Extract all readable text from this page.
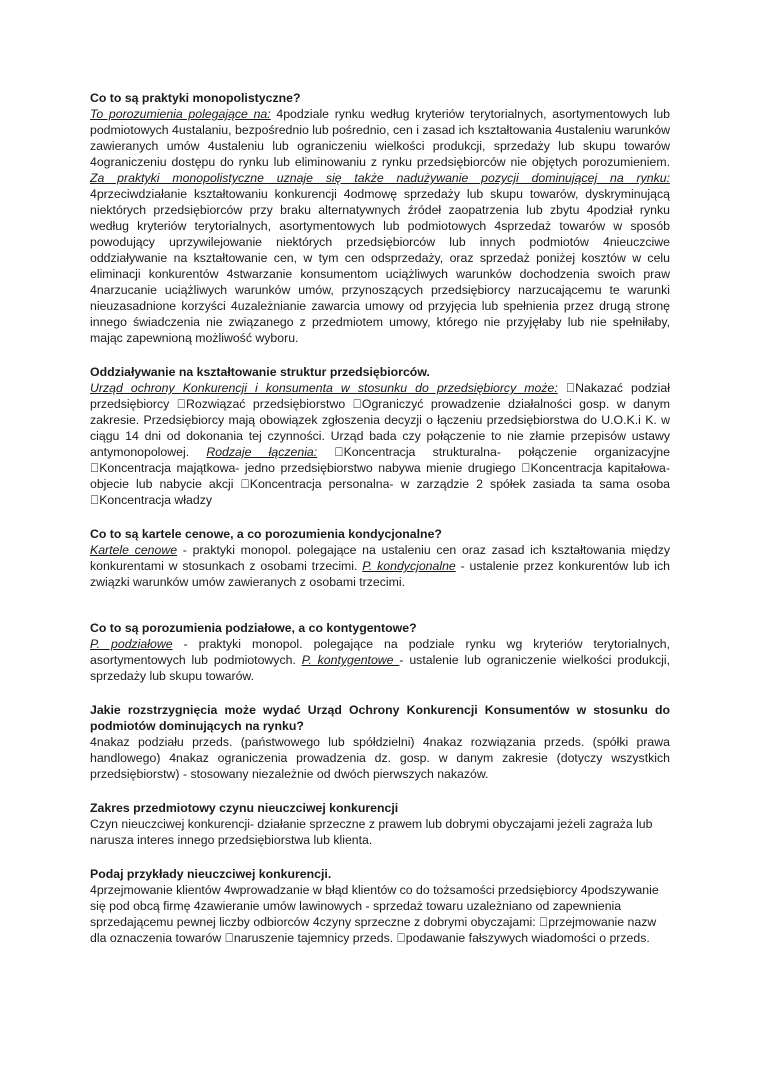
Co to są praktyki monopolistyczne?

To porozumienia polegające na: 4podziale rynku według kryteriów terytorialnych, asortymentowych lub podmiotowych 4ustalaniu, bezpośrednio lub pośrednio, cen i zasad ich kształtowania 4ustaleniu warunków zawieranych umów 4ustaleniu lub ograniczeniu wielkości produkcji, sprzedaży lub skupu towarów 4ograniczeniu dostępu do rynku lub eliminowaniu z rynku przedsiębiorców nie objętych porozumieniem. Za praktyki monopolistyczne uznaje się także nadużywanie pozycji dominującej na rynku: 4przeciwdziałanie kształtowaniu konkurencji 4odmowę sprzedaży lub skupu towarów, dyskryminującą niektórych przedsiębiorców przy braku alternatywnych źródeł zaopatrzenia lub zbytu 4podział rynku według kryteriów terytorialnych, asortymentowych lub podmiotowych 4sprzedaż towarów w sposób powodujący uprzywilejowanie niektórych przedsiębiorców lub innych podmiotów 4nieuczciwe oddziaływanie na kształtowanie cen, w tym cen odsprzedaży, oraz sprzedaż poniżej kosztów w celu eliminacji konkurentów 4stwarzanie konsumentom uciążliwych warunków dochodzenia swoich praw 4narzucanie uciążliwych warunków umów, przynoszących przedsiębiorcy narzucającemu te warunki nieuzasadnione korzyści 4uzależnianie zawarcia umowy od przyjęcia lub spełnienia przez drugą stronę innego świadczenia nie związanego z przedmiotem umowy, którego nie przyjęłaby lub nie spełniłaby, mając zapewnioną możliwość wyboru.

Oddziaływanie na kształtowanie struktur przedsiębiorców.

Urząd ochrony Konkurencji i konsumenta w stosunku do przedsiębiorcy może: Nakazać podział przedsiębiorcy Rozwiązać przedsiębiorstwo Ograniczyć prowadzenie działalności gosp. w danym zakresie. Przedsiębiorcy mają obowiązek zgłoszenia decyzji o łączeniu przedsiębiorstwa do U.O.K.i K. w ciągu 14 dni od dokonania tej czynności. Urząd bada czy połączenie to nie złamie przepisów ustawy antymonopolowej. Rodzaje łączenia: Koncentracja strukturalna- połączenie organizacyjne Koncentracja majątkowa- jedno przedsiębiorstwo nabywa mienie drugiego Koncentracja kapitałowa- objecie lub nabycie akcji Koncentracja personalna- w zarządzie 2 spółek zasiada ta sama osoba Koncentracja władzy

Co to są kartele cenowe, a co porozumienia kondycjonalne?

Kartele cenowe - praktyki monopol. polegające na ustaleniu cen oraz zasad ich kształtowania między konkurentami w stosunkach z osobami trzecimi. P. kondycjonalne - ustalenie przez konkurentów lub ich związki warunków umów zawieranych z osobami trzecimi.

Co to są porozumienia podziałowe, a co kontygentowe?

P. podziałowe - praktyki monopol. polegające na podziale rynku wg kryteriów terytorialnych, asortymentowych lub podmiotowych. P. kontygentowe - ustalenie lub ograniczenie wielkości produkcji, sprzedaży lub skupu towarów.

Jakie rozstrzygnięcia może wydać Urząd Ochrony Konkurencji Konsumentów w stosunku do podmiotów dominujących na rynku?

4nakaz podziału przeds. (państwowego lub spółdzielni) 4nakaz rozwiązania przeds. (spółki prawa handlowego) 4nakaz ograniczenia prowadzenia dz. gosp. w danym zakresie (dotyczy wszystkich przedsiębiorstw) - stosowany niezależnie od dwóch pierwszych nakazów.

Zakres przedmiotowy czynu nieuczciwej konkurencji

Czyn nieuczciwej konkurencji- działanie sprzeczne z prawem lub dobrymi obyczajami jeżeli zagraża lub narusza interes innego przedsiębiorstwa lub klienta.

Podaj przykłady nieuczciwej konkurencji.

4przejmowanie klientów 4wprowadzanie w błąd klientów co do tożsamości przedsiębiorcy 4podszywanie się pod obcą firmę 4zawieranie umów lawinowych - sprzedaż towaru uzależniano od zapewnienia sprzedającemu pewnej liczby odbiorców 4czyny sprzeczne z dobrymi obyczajami: przejmowanie nazw dla oznaczenia towarów naruszenie tajemnicy przeds. podawanie fałszywych wiadomości o przeds.
